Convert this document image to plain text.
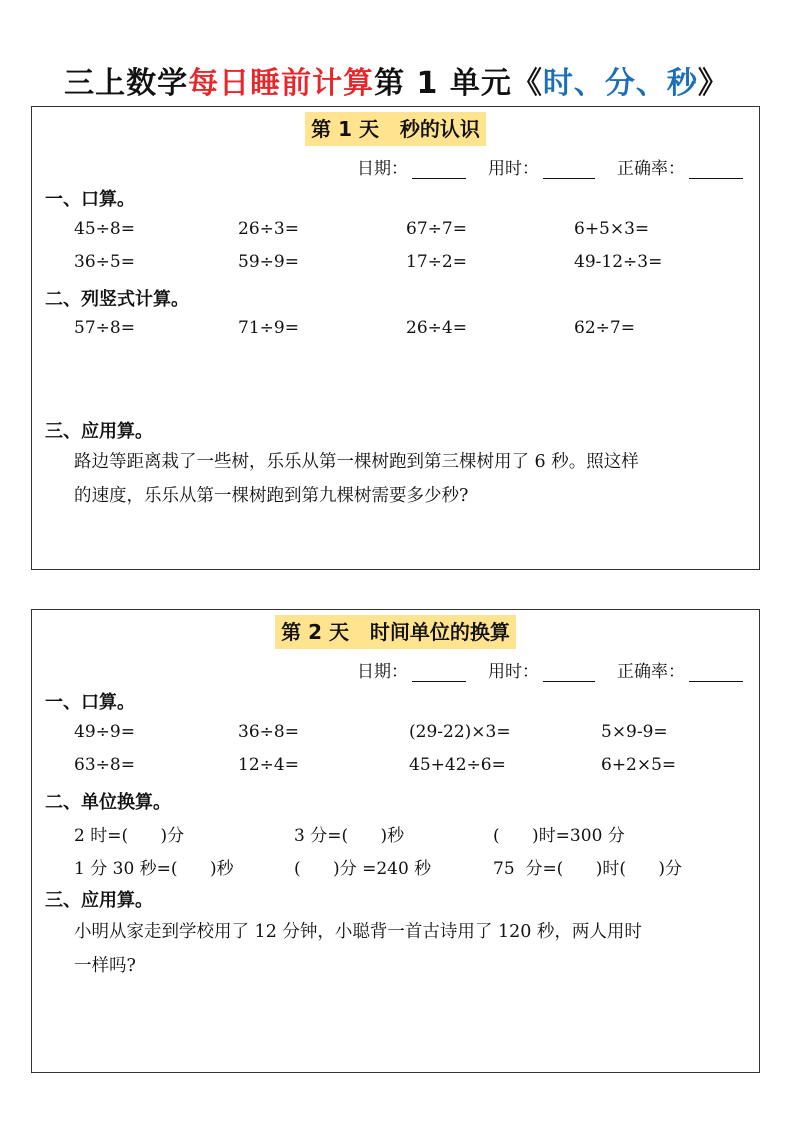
三上数学每日睡前计算第 1 单元《时、分、秒》
第 1 天   秒的认识
日期：	用时：	正确率：
一、口算。
45÷8=	26÷3=	67÷7=	6+5×3=
36÷5=	59÷9=	17÷2=	49-12÷3=
二、列竖式计算。
57÷8=	71÷9=	26÷4=	62÷7=
三、应用算。
路边等距离栽了一些树，乐乐从第一棵树跑到第三棵树用了 6 秒。照这样
的速度，乐乐从第一棵树跑到第九棵树需要多少秒?
第 2 天   时间单位的换算
日期：	用时：	正确率：
一、口算。
49÷9=	36÷8=	(29-22)×3=	5×9-9=
63÷8=	12÷4=	45+42÷6=	6+2×5=
二、单位换算。
2 时=(      )分	3 分=(      )秒	(      )时=300 分
1 分 30 秒=(      )秒	(      )分 =240 秒	75  分=(      )时(      )分
三、应用算。
小明从家走到学校用了 12 分钟，小聪背一首古诗用了 120 秒，两人用时
一样吗?
